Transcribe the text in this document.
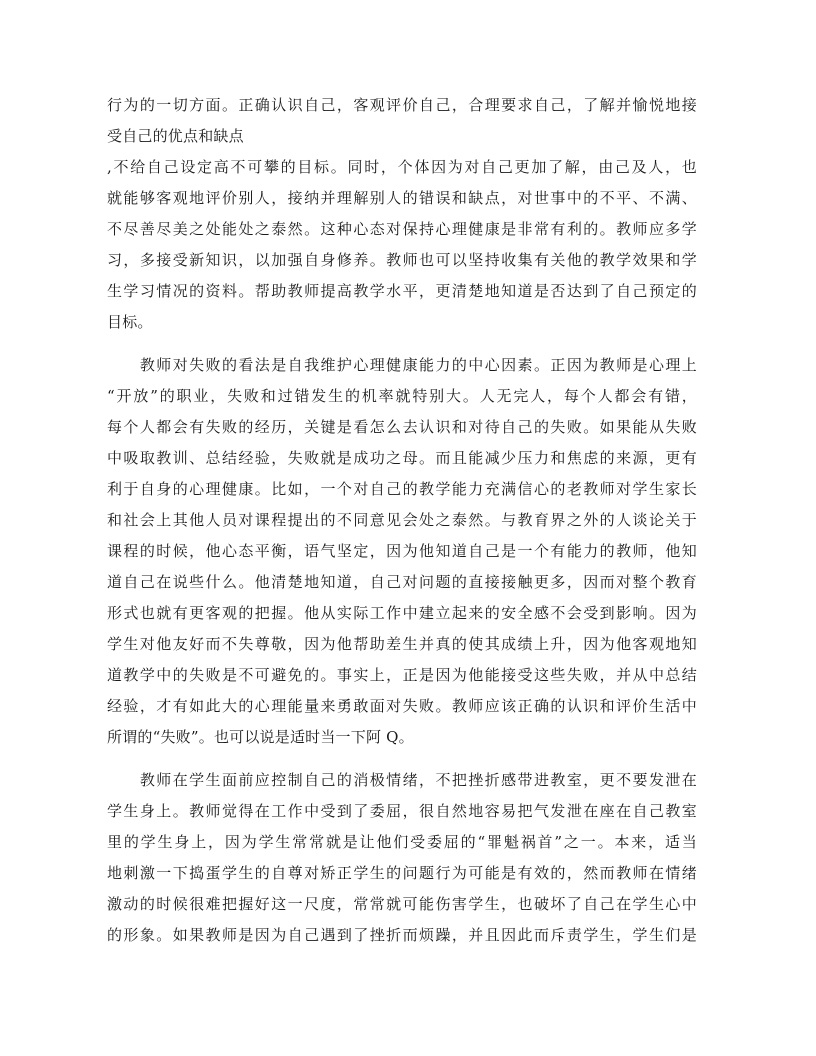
行为的一切方面。正确认识自己，客观评价自己，合理要求自己，了解并愉悦地接
受自己的优点和缺点
,不给自己设定高不可攀的目标。同时，个体因为对自己更加了解，由己及人，也
就能够客观地评价别人，接纳并理解别人的错误和缺点，对世事中的不平、不满、
不尽善尽美之处能处之泰然。这种心态对保持心理健康是非常有利的。教师应多学
习，多接受新知识，以加强自身修养。教师也可以坚持收集有关他的教学效果和学
生学习情况的资料。帮助教师提高教学水平，更清楚地知道是否达到了自己预定的
目标。
　　教师对失败的看法是自我维护心理健康能力的中心因素。正因为教师是心理上
“开放”的职业，失败和过错发生的机率就特别大。人无完人，每个人都会有错，
每个人都会有失败的经历，关键是看怎么去认识和对待自己的失败。如果能从失败
中吸取教训、总结经验，失败就是成功之母。而且能减少压力和焦虑的来源，更有
利于自身的心理健康。比如，一个对自己的教学能力充满信心的老教师对学生家长
和社会上其他人员对课程提出的不同意见会处之泰然。与教育界之外的人谈论关于
课程的时候，他心态平衡，语气坚定，因为他知道自己是一个有能力的教师，他知
道自己在说些什么。他清楚地知道，自己对问题的直接接触更多，因而对整个教育
形式也就有更客观的把握。他从实际工作中建立起来的安全感不会受到影响。因为
学生对他友好而不失尊敬，因为他帮助差生并真的使其成绩上升，因为他客观地知
道教学中的失败是不可避免的。事实上，正是因为他能接受这些失败，并从中总结
经验，才有如此大的心理能量来勇敢面对失败。教师应该正确的认识和评价生活中
所谓的“失败”。也可以说是适时当一下阿 Q。
　　教师在学生面前应控制自己的消极情绪，不把挫折感带进教室，更不要发泄在
学生身上。教师觉得在工作中受到了委屈，很自然地容易把气发泄在座在自己教室
里的学生身上，因为学生常常就是让他们受委屈的“罪魁祸首”之一。本来，适当
地刺激一下捣蛋学生的自尊对矫正学生的问题行为可能是有效的，然而教师在情绪
激动的时候很难把握好这一尺度，常常就可能伤害学生，也破坏了自己在学生心中
的形象。如果教师是因为自己遇到了挫折而烦躁，并且因此而斥责学生，学生们是
